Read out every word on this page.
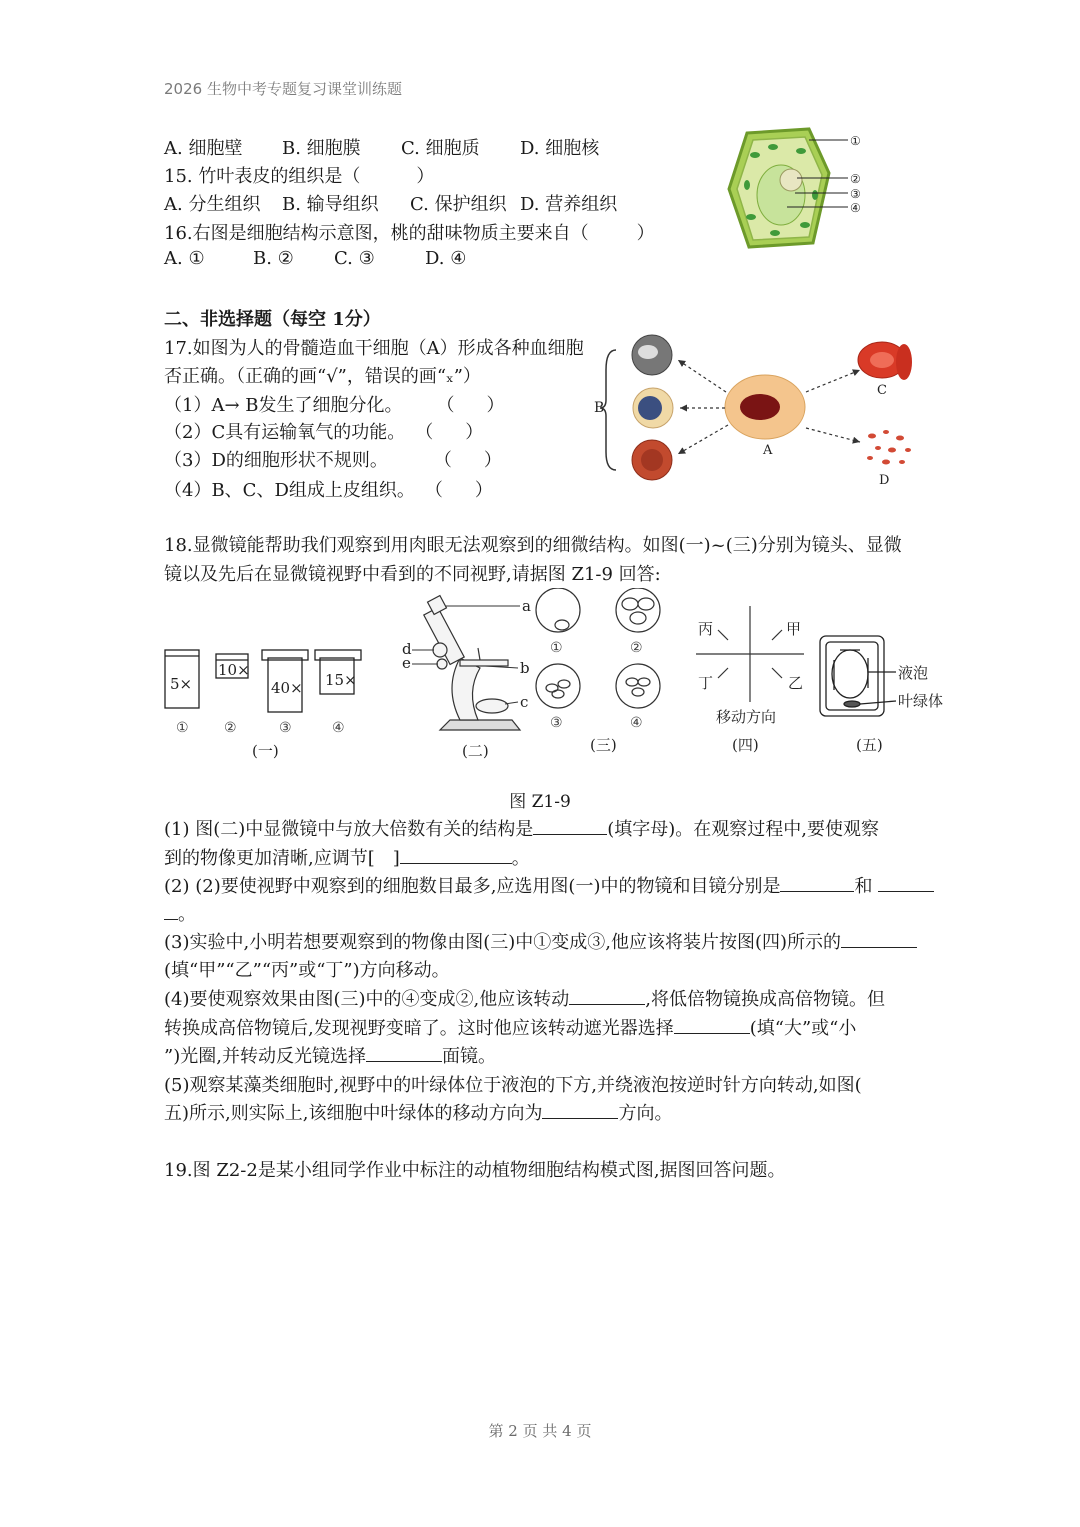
2026 生物中考专题复习课堂训练题
A. 细胞壁 B. 细胞膜 C. 细胞质 D. 细胞核
15. 竹叶表皮的组织是（	）
A. 分生组织 B. 输导组织 C. 保护组织 D. 营养组织
16.右图是细胞结构示意图，桃的甜味物质主要来自（	）
A. ①	B. ② C. ③	D. ④
①
②
③
④
二、非选择题（每空 1分）
17.如图为人的骨髓造血干细胞（A）形成各种血细胞
否正确。（正确的画“√”，错误的画“ₓ”）
（1）A→ B发生了细胞分化。 （ ）
（2）C具有运输氧气的功能。 （ ）
（3）D的细胞形状不规则。	（ ）
（4）B、C、D组成上皮组织。 （ ）
B
A
C
D
18.显微镜能帮助我们观察到用肉眼无法观察到的细微结构。如图(一)~(三)分别为镜头、显微
镜以及先后在显微镜视野中看到的不同视野,请据图 Z1-9 回答:
5×
10×
40× 15×
①	②	③	④
(一)
a
b
c
d
e
(二)
①	②
③	④
(三)
丙	甲
丁	乙
移动方向
(四)
液泡
叶绿体
(五)
图 Z1-9
(1) 图(二)中显微镜中与放大倍数有关的结构是	(填字母)。在观察过程中,要使观察
到的物像更加清晰,应调节[　]	。
(2) (2)要使视野中观察到的细胞数目最多,应选用图(一)中的物镜和目镜分别是	和
。
(3)实验中,小明若想要观察到的物像由图(三)中①变成③,他应该将装片按图(四)所示的
(填“甲”“乙”“丙”或“丁”)方向移动。
(4)要使观察效果由图(三)中的④变成②,他应该转动	,将低倍物镜换成高倍物镜。但
转换成高倍物镜后,发现视野变暗了。这时他应该转动遮光器选择	(填“大”或“小
”)光圈,并转动反光镜选择	面镜。
(5)观察某藻类细胞时,视野中的叶绿体位于液泡的下方,并绕液泡按逆时针方向转动,如图(
五)所示,则实际上,该细胞中叶绿体的移动方向为	方向。
19.图 Z2-2是某小组同学作业中标注的动植物细胞结构模式图,据图回答问题。
第 2 页 共 4 页
